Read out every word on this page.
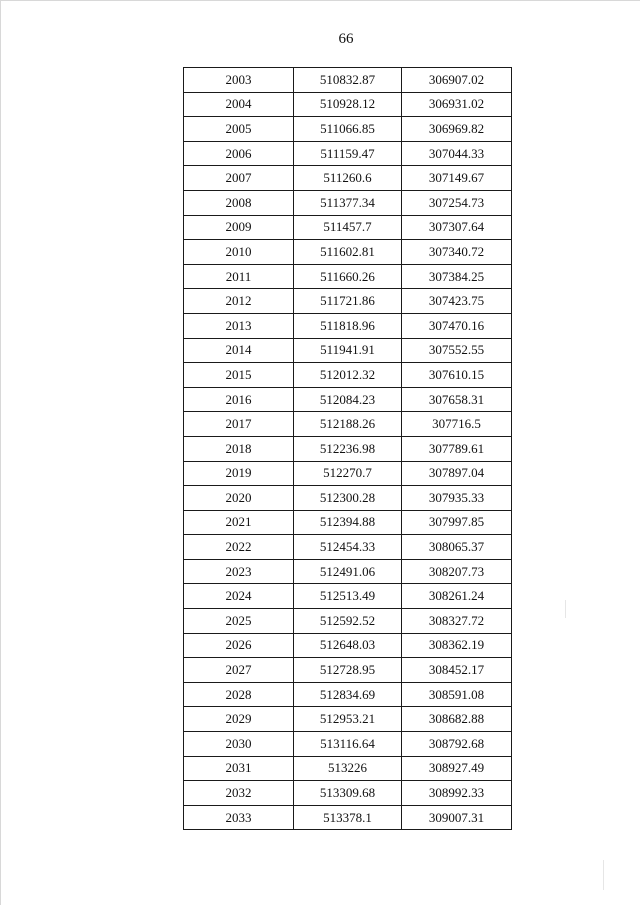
66
2003	510832.87	306907.02
2004	510928.12	306931.02
2005	511066.85	306969.82
2006	511159.47	307044.33
2007	511260.6	307149.67
2008	511377.34	307254.73
2009	511457.7	307307.64
2010	511602.81	307340.72
2011	511660.26	307384.25
2012	511721.86	307423.75
2013	511818.96	307470.16
2014	511941.91	307552.55
2015	512012.32	307610.15
2016	512084.23	307658.31
2017	512188.26	307716.5
2018	512236.98	307789.61
2019	512270.7	307897.04
2020	512300.28	307935.33
2021	512394.88	307997.85
2022	512454.33	308065.37
2023	512491.06	308207.73
2024	512513.49	308261.24
2025	512592.52	308327.72
2026	512648.03	308362.19
2027	512728.95	308452.17
2028	512834.69	308591.08
2029	512953.21	308682.88
2030	513116.64	308792.68
2031	513226	308927.49
2032	513309.68	308992.33
2033	513378.1	309007.31
